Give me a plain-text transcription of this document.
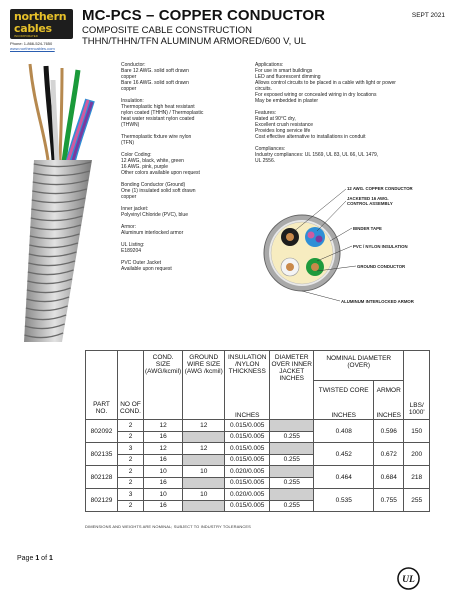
northern
cables
INCORPORATED
Phone: 1-866-524-7650
www.northerncables.com
MC-PCS – COPPER CONDUCTOR	SEPT 2021
COMPOSITE CABLE CONSTRUCTION
THHN/THHN/TFN ALUMINUM ARMORED/600 V, UL

Conductor:
Bare 12 AWG. solid soft drawn
copper
Bare 16 AWG. solid soft drawn
copper

Insulation:
Thermoplastic high heat resistant
nylon coated (THHN) / Thermoplastic
heat water resistant nylon coated
(THWN)

Thermoplastic fixture wire nylon
(TFN)

Color Coding:
12 AWG, black, white, green
16 AWG. pink, purple
Other colors available upon request

Bonding Conductor (Ground)
One (1) insulated solid soft drawn
copper

Inner jacket:
Polyvinyl Chloride (PVC), blue

Armor:
Aluminum interlocked armor

UL Listing:
E189204

PVC Outer Jacket
Available upon request

Applications:
For use in smart buildings
LED and fluorescent dimming
Allows control circuits to be placed in a cable with light or power
circuits.
For exposed wiring or concealed wiring in dry locations
May be embedded in plaster

Features:
Rated at 90°C dry,
Excellent crush resistance
Provides long service life
Cost effective alternative to installations in conduit

Compliances:
Industry compliances: UL 1569, UL 83, UL 66, UL 1479,
UL 2556.

12 AWG. COPPER CONDUCTOR
JACKETED 16 AWG.
CONTROL ASSEMBLY
BINDER TAPE
PVC / NYLON INSULATION
GROUND CONDUCTOR
ALUMINUM INTERLOCKED ARMOR
PART NO.	NO OF COND.	COND. SIZE (AWG/kcmil)	GROUND WIRE SIZE (AWG /kcmil)	INSULATION /NYLON THICKNESS	DIAMETER OVER INNER JACKET INCHES	NOMINAL DIAMETER (OVER)		
						TWISTED CORE	ARMOR	
				INCHES		INCHES	INCHES	LBS/ 1000'
802092	2	12	12	0.015/0.005		0.408	0.596	150
	2	16		0.015/0.005	0.255			
802135	3	12	12	0.015/0.005		0.452	0.672	200
	2	16		0.015/0.005	0.255			
802128	2	10	10	0.020/0.005		0.464	0.684	218
	2	16		0.015/0.005	0.255			
802129	3	10	10	0.020/0.005		0.535	0.755	255
	2	16		0.015/0.005	0.255			
DIMENSIONS AND WEIGHTS ARE NOMINAL; SUBJECT TO INDUSTRY TOLERANCES
Page 1 of 1
UL
